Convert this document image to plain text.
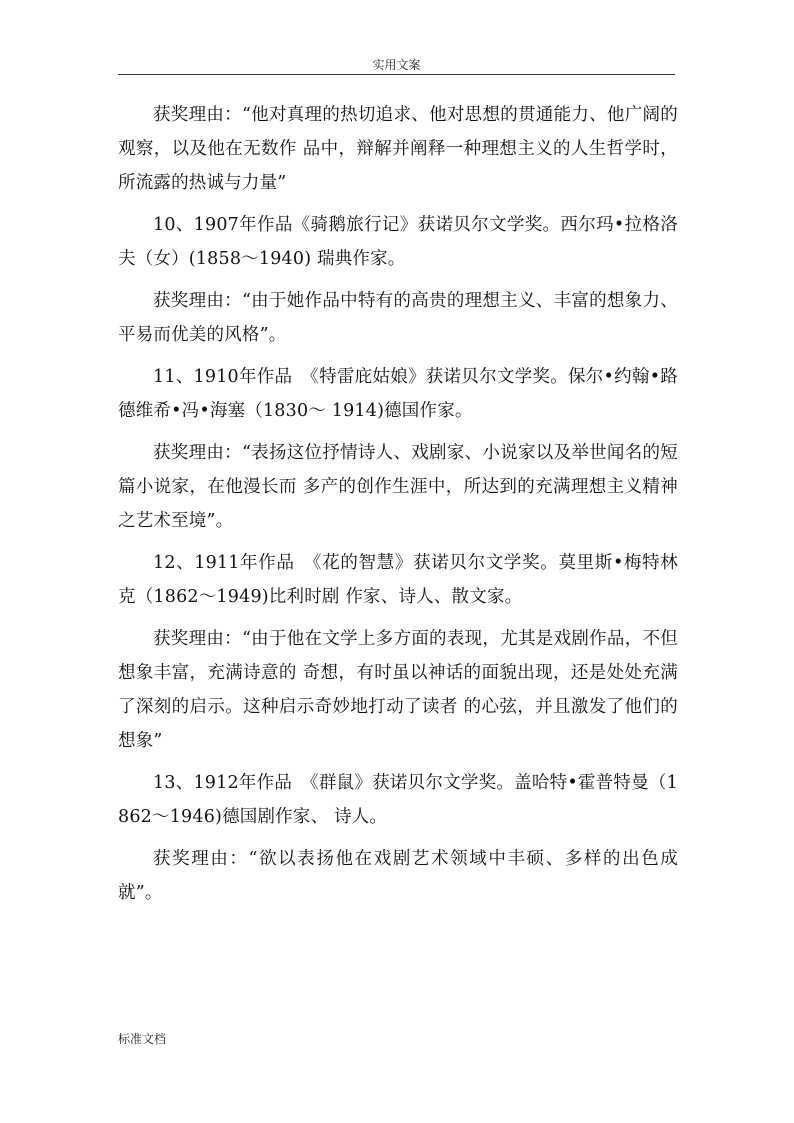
实用文案

获奖理由：“他对真理的热切追求、他对思想的贯通能力、他广阔的观察，以及他在无数作 品中，辩解并阐释一种理想主义的人生哲学时，所流露的热诚与力量”

10、1907年作品《骑鹅旅行记》获诺贝尔文学奖。西尔玛•拉格洛夫（女）(1858～1940) 瑞典作家。

获奖理由：“由于她作品中特有的高贵的理想主义、丰富的想象力、平易而优美的风格”。

11、1910年作品　《特雷庇姑娘》获诺贝尔文学奖。保尔•约翰•路德维希•冯•海塞（1830～ 1914)德国作家。

获奖理由：“表扬这位抒情诗人、戏剧家、小说家以及举世闻名的短篇小说家，在他漫长而 多产的创作生涯中，所达到的充满理想主义精神之艺术至境”。

12、1911年作品　《花的智慧》获诺贝尔文学奖。莫里斯•梅特林克（1862～1949)比利时剧 作家、诗人、散文家。

获奖理由：“由于他在文学上多方面的表现，尤其是戏剧作品，不但想象丰富，充满诗意的 奇想，有时虽以神话的面貌出现，还是处处充满了深刻的启示。这种启示奇妙地打动了读者 的心弦，并且激发了他们的想象”

13、1912年作品　《群鼠》获诺贝尔文学奖。盖哈特•霍普特曼（1862～1946)德国剧作家、 诗人。

获奖理由：“欲以表扬他在戏剧艺术领域中丰硕、多样的出色成就”。

标准文档
